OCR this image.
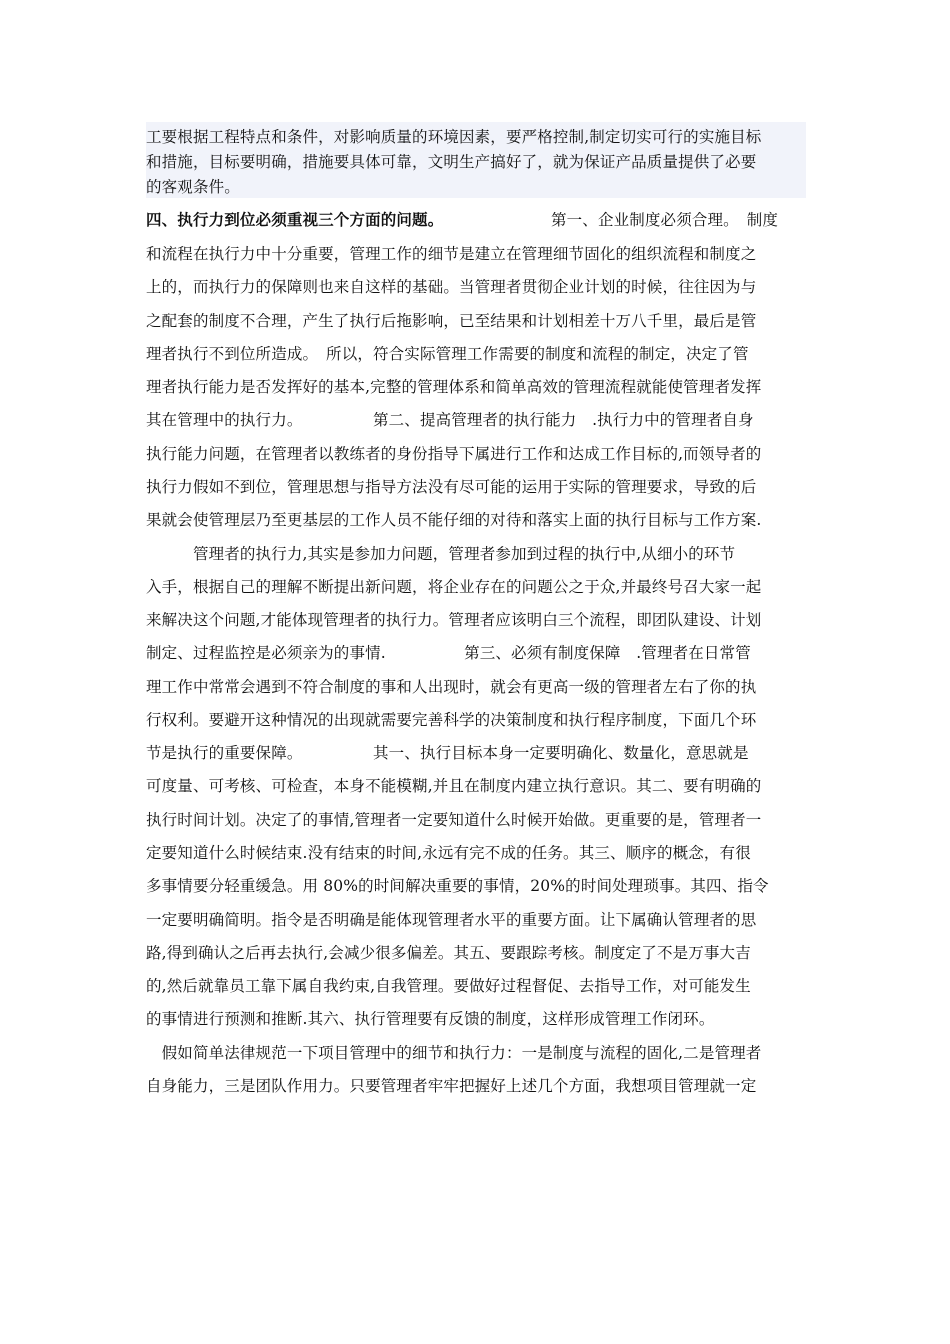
工要根据工程特点和条件，对影响质量的环境因素，要严格控制,制定切实可行的实施目标
和措施，目标要明确，措施要具体可靠，文明生产搞好了，就为保证产品质量提供了必要
的客观条件。
四、执行力到位必须重视三个方面的问题。	第一、企业制度必须合理。　制度
和流程在执行力中十分重要，管理工作的细节是建立在管理细节固化的组织流程和制度之
上的，而执行力的保障则也来自这样的基础。当管理者贯彻企业计划的时候，往往因为与
之配套的制度不合理，产生了执行后拖影响，已至结果和计划相差十万八千里，最后是管
理者执行不到位所造成。　所以，符合实际管理工作需要的制度和流程的制定，决定了管
理者执行能力是否发挥好的基本,完整的管理体系和简单高效的管理流程就能使管理者发挥
其在管理中的执行力。　　　　　第二、提高管理者的执行能力　.执行力中的管理者自身
执行能力问题，在管理者以教练者的身份指导下属进行工作和达成工作目标的,而领导者的
执行力假如不到位，管理思想与指导方法没有尽可能的运用于实际的管理要求，导致的后
果就会使管理层乃至更基层的工作人员不能仔细的对待和落实上面的执行目标与工作方案.
　　　管理者的执行力,其实是参加力问题，管理者参加到过程的执行中,从细小的环节
入手，根据自己的理解不断提出新问题，将企业存在的问题公之于众,并最终号召大家一起
来解决这个问题,才能体现管理者的执行力。管理者应该明白三个流程，即团队建设、计划
制定、过程监控是必须亲为的事情.　　　　　第三、必须有制度保障　.管理者在日常管
理工作中常常会遇到不符合制度的事和人出现时，就会有更高一级的管理者左右了你的执
行权利。要避开这种情况的出现就需要完善科学的决策制度和执行程序制度，下面几个环
节是执行的重要保障。　　　　　其一、执行目标本身一定要明确化、数量化，意思就是
可度量、可考核、可检查，本身不能模糊,并且在制度内建立执行意识。其二、要有明确的
执行时间计划。决定了的事情,管理者一定要知道什么时候开始做。更重要的是，管理者一
定要知道什么时候结束.没有结束的时间,永远有完不成的任务。其三、顺序的概念，有很
多事情要分轻重缓急。用 80%的时间解决重要的事情，20%的时间处理琐事。其四、指令
一定要明确简明。指令是否明确是能体现管理者水平的重要方面。让下属确认管理者的思
路,得到确认之后再去执行,会减少很多偏差。其五、要跟踪考核。制度定了不是万事大吉
的,然后就靠员工靠下属自我约束,自我管理。要做好过程督促、去指导工作，对可能发生
的事情进行预测和推断.其六、执行管理要有反馈的制度，这样形成管理工作闭环。
　假如简单法律规范一下项目管理中的细节和执行力：一是制度与流程的固化,二是管理者
自身能力，三是团队作用力。只要管理者牢牢把握好上述几个方面，我想项目管理就一定
